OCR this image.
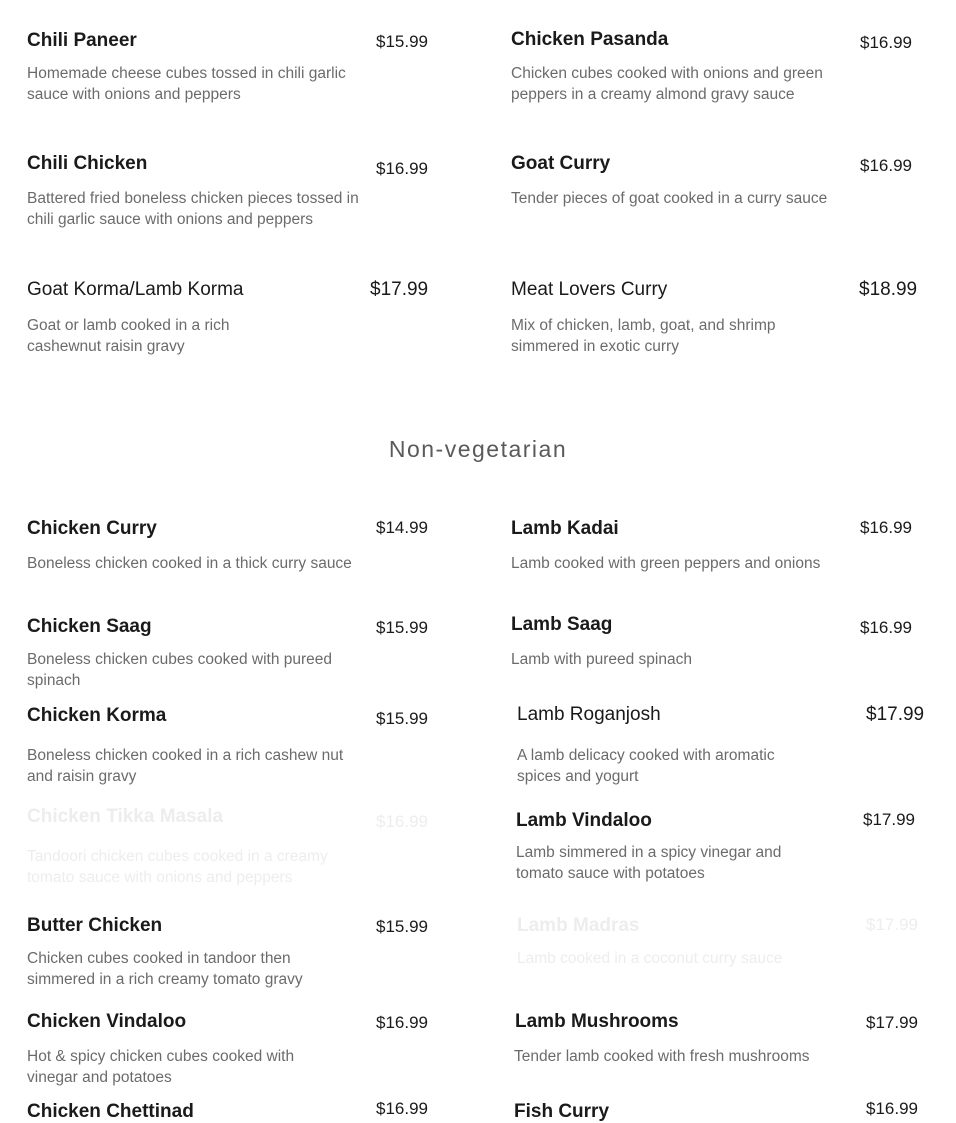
Chili Paneer	$15.99
Homemade cheese cubes tossed in chili garlic sauce with onions and peppers
Chicken Pasanda	$16.99
Chicken cubes cooked with onions and green peppers in a creamy almond gravy sauce
Chili Chicken	$16.99
Battered fried boneless chicken pieces tossed in chili garlic sauce with onions and peppers
Goat Curry	$16.99
Tender pieces of goat cooked in a curry sauce
Goat Korma/Lamb Korma	$17.99
Goat or lamb cooked in a rich cashewnut raisin gravy
Meat Lovers Curry	$18.99
Mix of chicken, lamb, goat, and shrimp simmered in exotic curry
Non-vegetarian
Chicken Curry	$14.99
Boneless chicken cooked in a thick curry sauce
Lamb Kadai	$16.99
Lamb cooked with green peppers and onions
Chicken Saag	$15.99
Boneless chicken cubes cooked with pureed spinach
Lamb Saag	$16.99
Lamb with pureed spinach
Chicken Korma	$15.99
Boneless chicken cooked in a rich cashew nut and raisin gravy
Lamb Roganjosh	$17.99
A lamb delicacy cooked with aromatic spices and yogurt
Chicken Tikka Masala	$16.99
Tandoori chicken cubes cooked in a creamy tomato sauce with onions and peppers
Lamb Vindaloo	$17.99
Lamb simmered in a spicy vinegar and tomato sauce with potatoes
Butter Chicken	$15.99
Chicken cubes cooked in tandoor then simmered in a rich creamy tomato gravy
Lamb Madras	$17.99
Lamb cooked in a coconut curry sauce
Chicken Vindaloo	$16.99
Hot & spicy chicken cubes cooked with vinegar and potatoes
Lamb Mushrooms	$17.99
Tender lamb cooked with fresh mushrooms
Chicken Chettinad	$16.99	Fish Curry	$16.99
